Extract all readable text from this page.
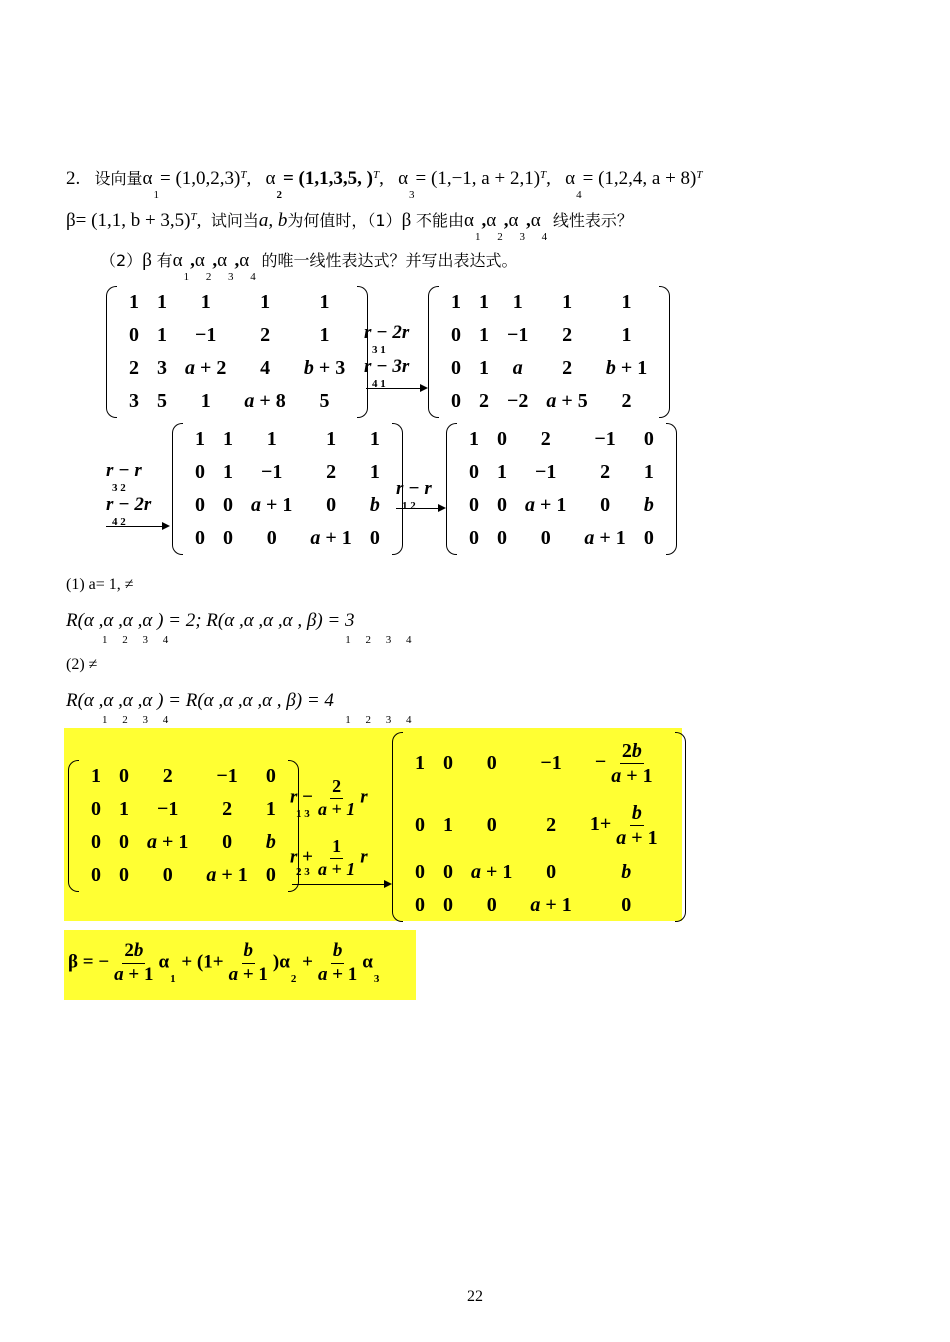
2. 设向量$\alpha_1= (1,0,2,3)^T$,   $\alpha_2= (1,1,3,5$, )$^T$,   $\alpha_3= (1,-1$, a + 2,1)$^T$,   $\alpha_4= (1,2,4$, a + 8)$^T$
β= (1,1, b + 3,5)$^T$,  试问当a, b为何值时，（1）β 不能由$\alpha_1,\alpha_2,\alpha_3,\alpha_4$ 线性表示？
（2）β 有$\alpha_1,\alpha_2,\alpha_3,\alpha_4$ 的唯一线性表达式？并写出表达式。
1	1	1	1	1
0	1	−1	2	1
2	3	a + 2	4	b + 3
3	5	1	a + 8	5
r − 2r

3 1
r − 3r
4 1
1	1	1	1	1
0	1	−1	2	1
0	1	a	2	b + 1
0	2	−2	a + 5	2
r − r
3 2
r − 2r
4 2
1	1	1	1	1
0	1	−1	2	1
0	0	a + 1	0	b
0	0	0	a + 1	0
r − r
1 2
1	0	2	−1	0
0	1	−1	2	1
0	0	a + 1	0	b
0	0	0	a + 1	0
(1) a= 1, ≠
R(α ,α ,α ,α ) = 2; R(α ,α ,α ,α , β) = 3
1 2 3 4            1 2 3 4
(2) ≠
R(α ,α ,α ,α ) = R(α ,α ,α ,α , β) = 4
1 2 3 4            1 2 3 4
1	0	2	−1	0
0	1	−1	2	1
0	0	a + 1	0	b
0	0	0	a + 1	0
$r - \frac{2}{a + 1}$ r
1 3
$r + \frac{1}{a + 1}$ r
2 3
1	0	0	−1	− $\frac{2b}{a + 1}$

0	1	0	2	$1+ \frac{b}{a + 1}$

0	0	a + 1	0	b
0	0	0	a + 1	0
β = − $\frac{2b}{a + 1} \alpha_1 + (1+ \frac{b}{a + 1} )\alpha_2 + \frac{b}{a + 1} \alpha_3$
22
